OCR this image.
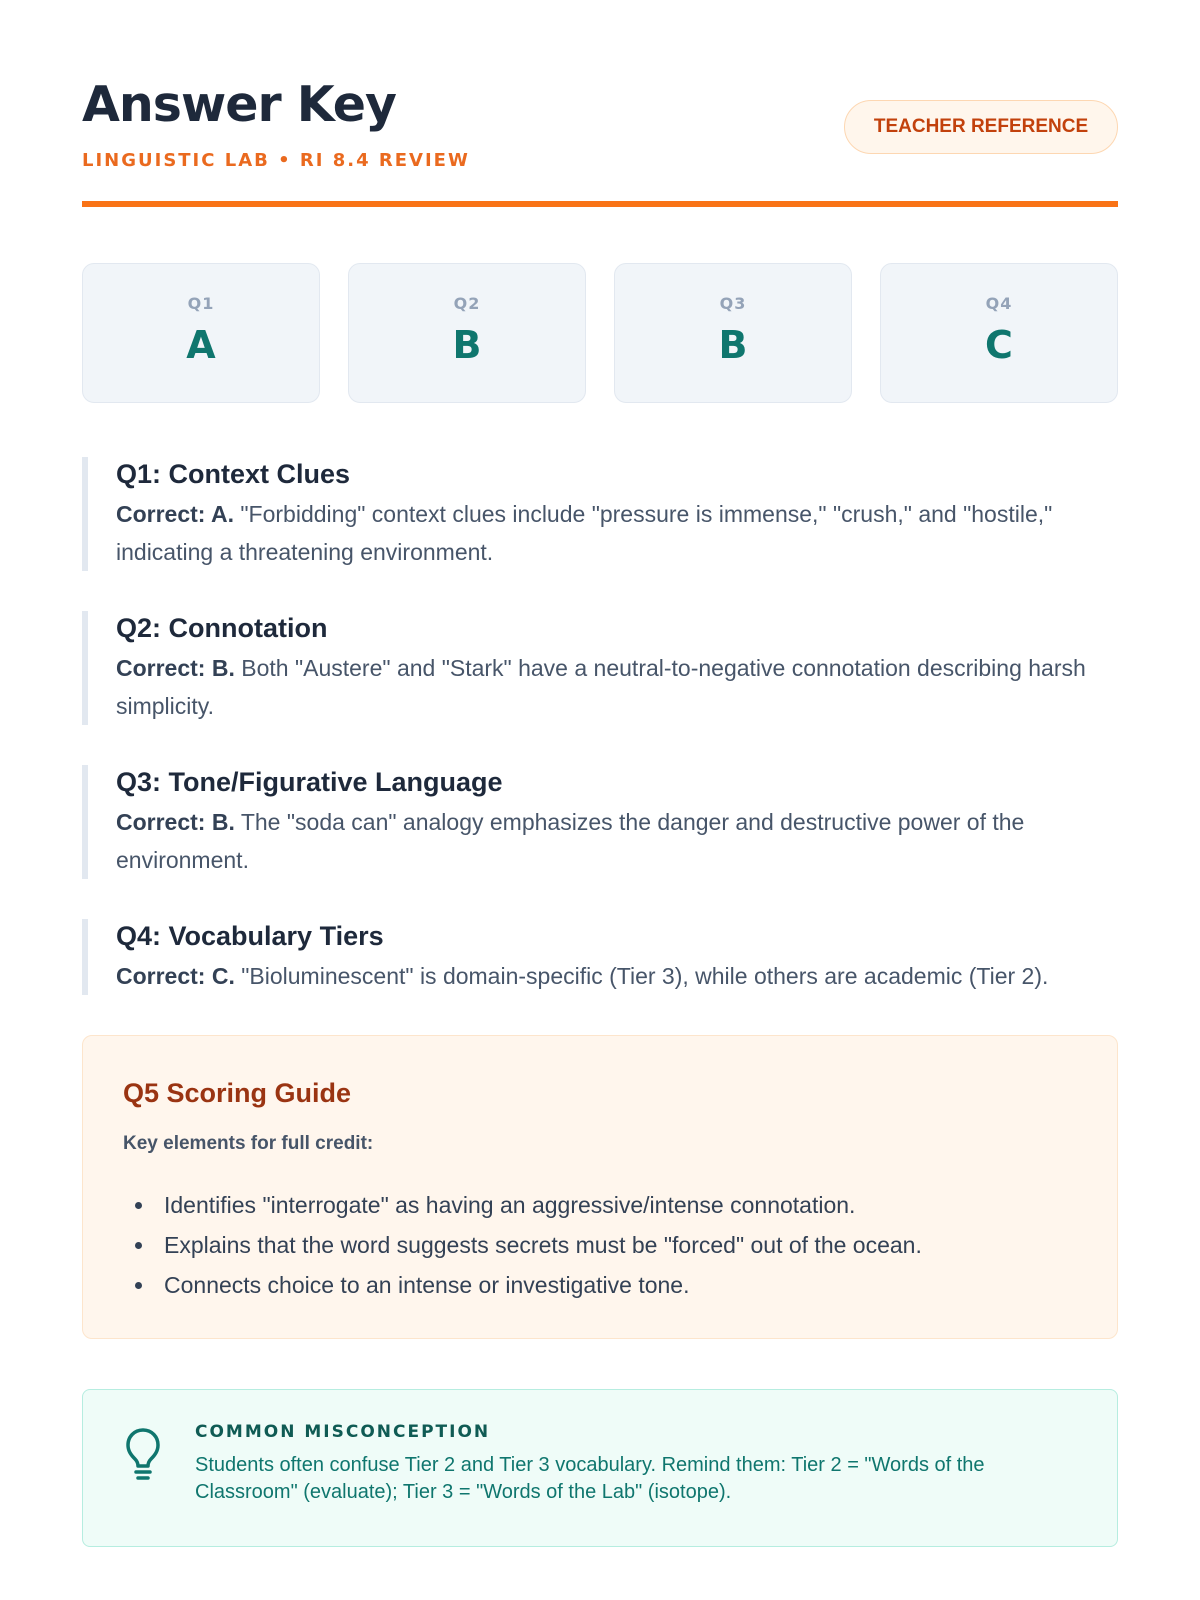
Answer Key
LINGUISTIC LAB • RI 8.4 REVIEW
TEACHER REFERENCE
Q1
A
Q2
B
Q3
B
Q4
C
Q1: Context Clues

Correct: A. "Forbidding" context clues include "pressure is immense," "crush," and "hostile," indicating a threatening environment.

Q2: Connotation

Correct: B. Both "Austere" and "Stark" have a neutral-to-negative connotation describing harsh simplicity.

Q3: Tone/Figurative Language

Correct: B. The "soda can" analogy emphasizes the danger and destructive power of the environment.

Q4: Vocabulary Tiers

Correct: C. "Bioluminescent" is domain-specific (Tier 3), while others are academic (Tier 2).

Q5 Scoring Guide

Key elements for full credit:

• Identifies "interrogate" as having an aggressive/intense connotation.
• Explains that the word suggests secrets must be "forced" out of the ocean.
• Connects choice to an intense or investigative tone.

COMMON MISCONCEPTION

Students often confuse Tier 2 and Tier 3 vocabulary. Remind them: Tier 2 = "Words of the Classroom" (evaluate); Tier 3 = "Words of the Lab" (isotope).
